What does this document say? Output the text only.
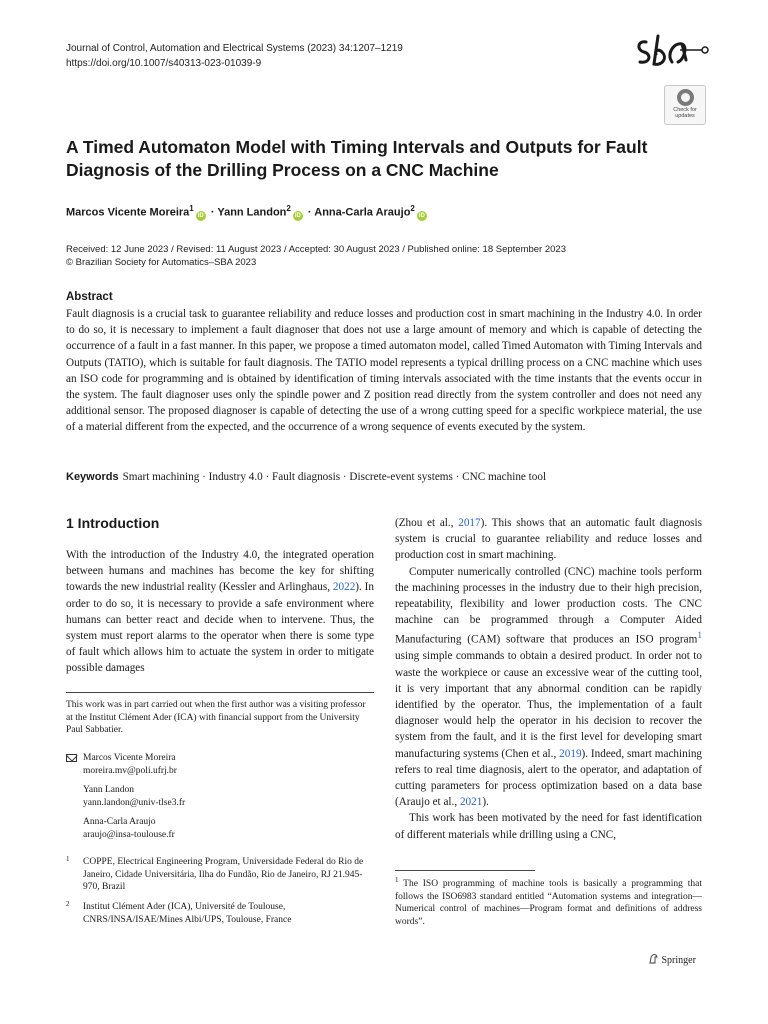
Journal of Control, Automation and Electrical Systems (2023) 34:1207–1219
https://doi.org/10.1007/s40313-023-01039-9
Check for
updates
A Timed Automaton Model with Timing Intervals and Outputs for Fault Diagnosis of the Drilling Process on a CNC Machine
Marcos Vicente Moreira$^1$iD · Yann Landon$^2$iD · Anna-Carla Araujo$^2$iD
Received: 12 June 2023 / Revised: 11 August 2023 / Accepted: 30 August 2023 / Published online: 18 September 2023
© Brazilian Society for Automatics–SBA 2023
Abstract
Fault diagnosis is a crucial task to guarantee reliability and reduce losses and production cost in smart machining in the Industry 4.0. In order to do so, it is necessary to implement a fault diagnoser that does not use a large amount of memory and which is capable of detecting the occurrence of a fault in a fast manner. In this paper, we propose a timed automaton model, called Timed Automaton with Timing Intervals and Outputs (TATIO), which is suitable for fault diagnosis. The TATIO model represents a typical drilling process on a CNC machine which uses an ISO code for programming and is obtained by identification of timing intervals associated with the time instants that the events occur in the system. The fault diagnoser uses only the spindle power and Z position read directly from the system controller and does not need any additional sensor. The proposed diagnoser is capable of detecting the use of a wrong cutting speed for a specific workpiece material, the use of a material different from the expected, and the occurrence of a wrong sequence of events executed by the system.
Keywords Smart machining · Industry 4.0 · Fault diagnosis · Discrete-event systems · CNC machine tool
1 Introduction

With the introduction of the Industry 4.0, the integrated operation between humans and machines has become the key for shifting towards the new industrial reality (Kessler and Arlinghaus, 2022). In order to do so, it is necessary to provide a safe environment where humans can better react and decide when to intervene. Thus, the system must report alarms to the operator when there is some type of fault which allows him to actuate the system in order to mitigate possible damages

This work was in part carried out when the first author was a visiting professor at the Institut Clément Ader (ICA) with financial support from the University Paul Sabbatier.
Marcos Vicente Moreira
moreira.mv@poli.ufrj.br
Yann Landon
yann.landon@univ-tlse3.fr
Anna-Carla Araujo
araujo@insa-toulouse.fr
1 COPPE, Electrical Engineering Program, Universidade Federal do Rio de Janeiro, Cidade Universitária, Ilha do Fundão, Rio de Janeiro, RJ 21.945-970, Brazil
2 Institut Clément Ader (ICA), Université de Toulouse, CNRS/INSA/ISAE/Mines Albi/UPS, Toulouse, France

(Zhou et al., 2017). This shows that an automatic fault diagnosis system is crucial to guarantee reliability and reduce losses and production cost in smart machining.

Computer numerically controlled (CNC) machine tools perform the machining processes in the industry due to their high precision, repeatability, flexibility and lower production costs. The CNC machine can be programmed through a Computer Aided Manufacturing (CAM) software that produces an ISO program$^1$ using simple commands to obtain a desired product. In order not to waste the workpiece or cause an excessive wear of the cutting tool, it is very important that any abnormal condition can be rapidly identified by the operator. Thus, the implementation of a fault diagnoser would help the operator in his decision to recover the system from the fault, and it is the first level for developing smart manufacturing systems (Chen et al., 2019). Indeed, smart machining refers to real time diagnosis, alert to the operator, and adaptation of cutting parameters for process optimization based on a data base (Araujo et al., 2021).

This work has been motivated by the need for fast identification of different materials while drilling using a CNC,

$^1$ The ISO programming of machine tools is basically a programming that follows the ISO6983 standard entitled “Automation systems and integration—Numerical control of machines—Program format and definitions of address words”.
Springer
